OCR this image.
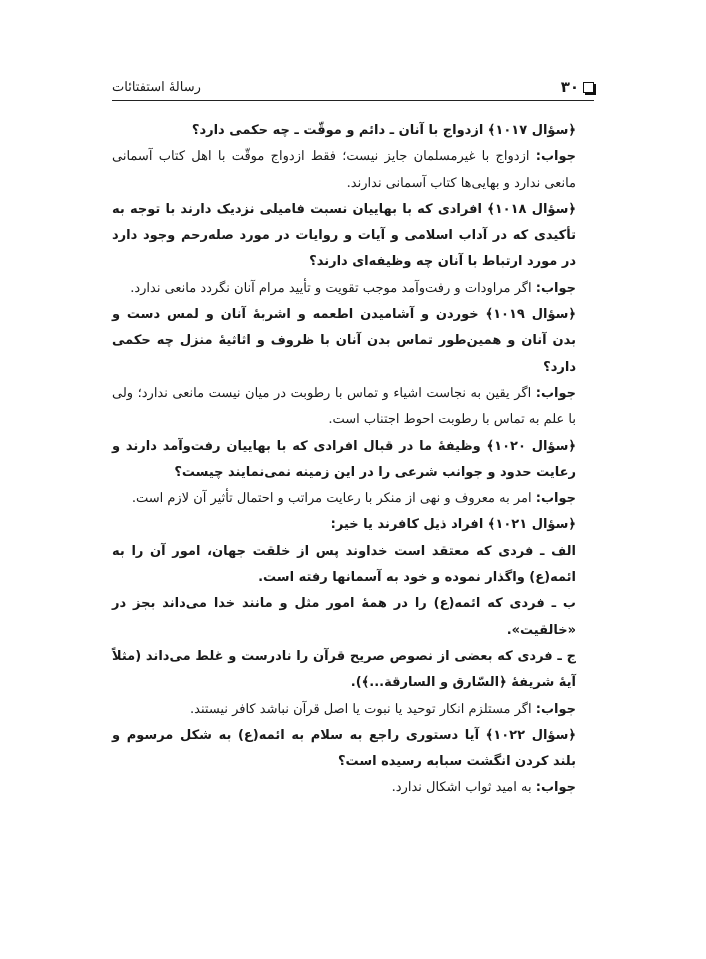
۳۰
رسالهٔ استفتائات

﴿سؤال ۱۰۱۷﴾ ازدواج با آنان ـ دائم و موقّت ـ چه حکمی دارد؟

جواب: ازدواج با غیرمسلمان جایز نیست؛ فقط ازدواج موقّت با اهل کتاب آسمانی مانعی ندارد و بهایی‌ها کتاب آسمانی ندارند.

﴿سؤال ۱۰۱۸﴾ افرادی که با بهاییان نسبت فامیلی نزدیک دارند با توجه به تأکیدی که در آداب اسلامی و آیات و روایات در مورد صله‌رحم وجود دارد در مورد ارتباط با آنان چه وظیفه‌ای دارند؟

جواب: اگر مراودات و رفت‌وآمد موجب تقویت و تأیید مرام آنان نگردد مانعی ندارد.

﴿سؤال ۱۰۱۹﴾ خوردن و آشامیدن اطعمه و اشربهٔ آنان و لمس دست و بدن آنان و همین‌طور تماس بدن آنان با ظروف و اثاثیهٔ منزل چه حکمی دارد؟

جواب: اگر یقین به نجاست اشیاء و تماس با رطوبت در میان نیست مانعی ندارد؛ ولی با علم به تماس با رطوبت احوط اجتناب است.

﴿سؤال ۱۰۲۰﴾ وظیفهٔ ما در قبال افرادی که با بهاییان رفت‌وآمد دارند و رعایت حدود و جوانب شرعی را در این زمینه نمی‌نمایند چیست؟

جواب: امر به معروف و نهی از منکر با رعایت مراتب و احتمال تأثیر آن لازم است.

﴿سؤال ۱۰۲۱﴾ افراد ذیل کافرند یا خیر:

الف ـ فردی که معتقد است خداوند پس از خلقت جهان، امور آن را به ائمه(ع) واگذار نموده و خود به آسمانها رفته است.

ب ـ فردی که ائمه(ع) را در همهٔ امور مثل و مانند خدا می‌داند بجز در «خالقیت».

ج ـ فردی که بعضی از نصوص صریح قرآن را نادرست و غلط می‌داند (مثلاً آیهٔ شریفهٔ ﴿السّارق و السارقة...﴾).

جواب: اگر مستلزم انکار توحید یا نبوت یا اصل قرآن نباشد کافر نیستند.

﴿سؤال ۱۰۲۲﴾ آیا دستوری راجع به سلام به ائمه(ع) به شکل مرسوم و بلند کردن انگشت سبابه رسیده است؟

جواب: به امید ثواب اشکال ندارد.
